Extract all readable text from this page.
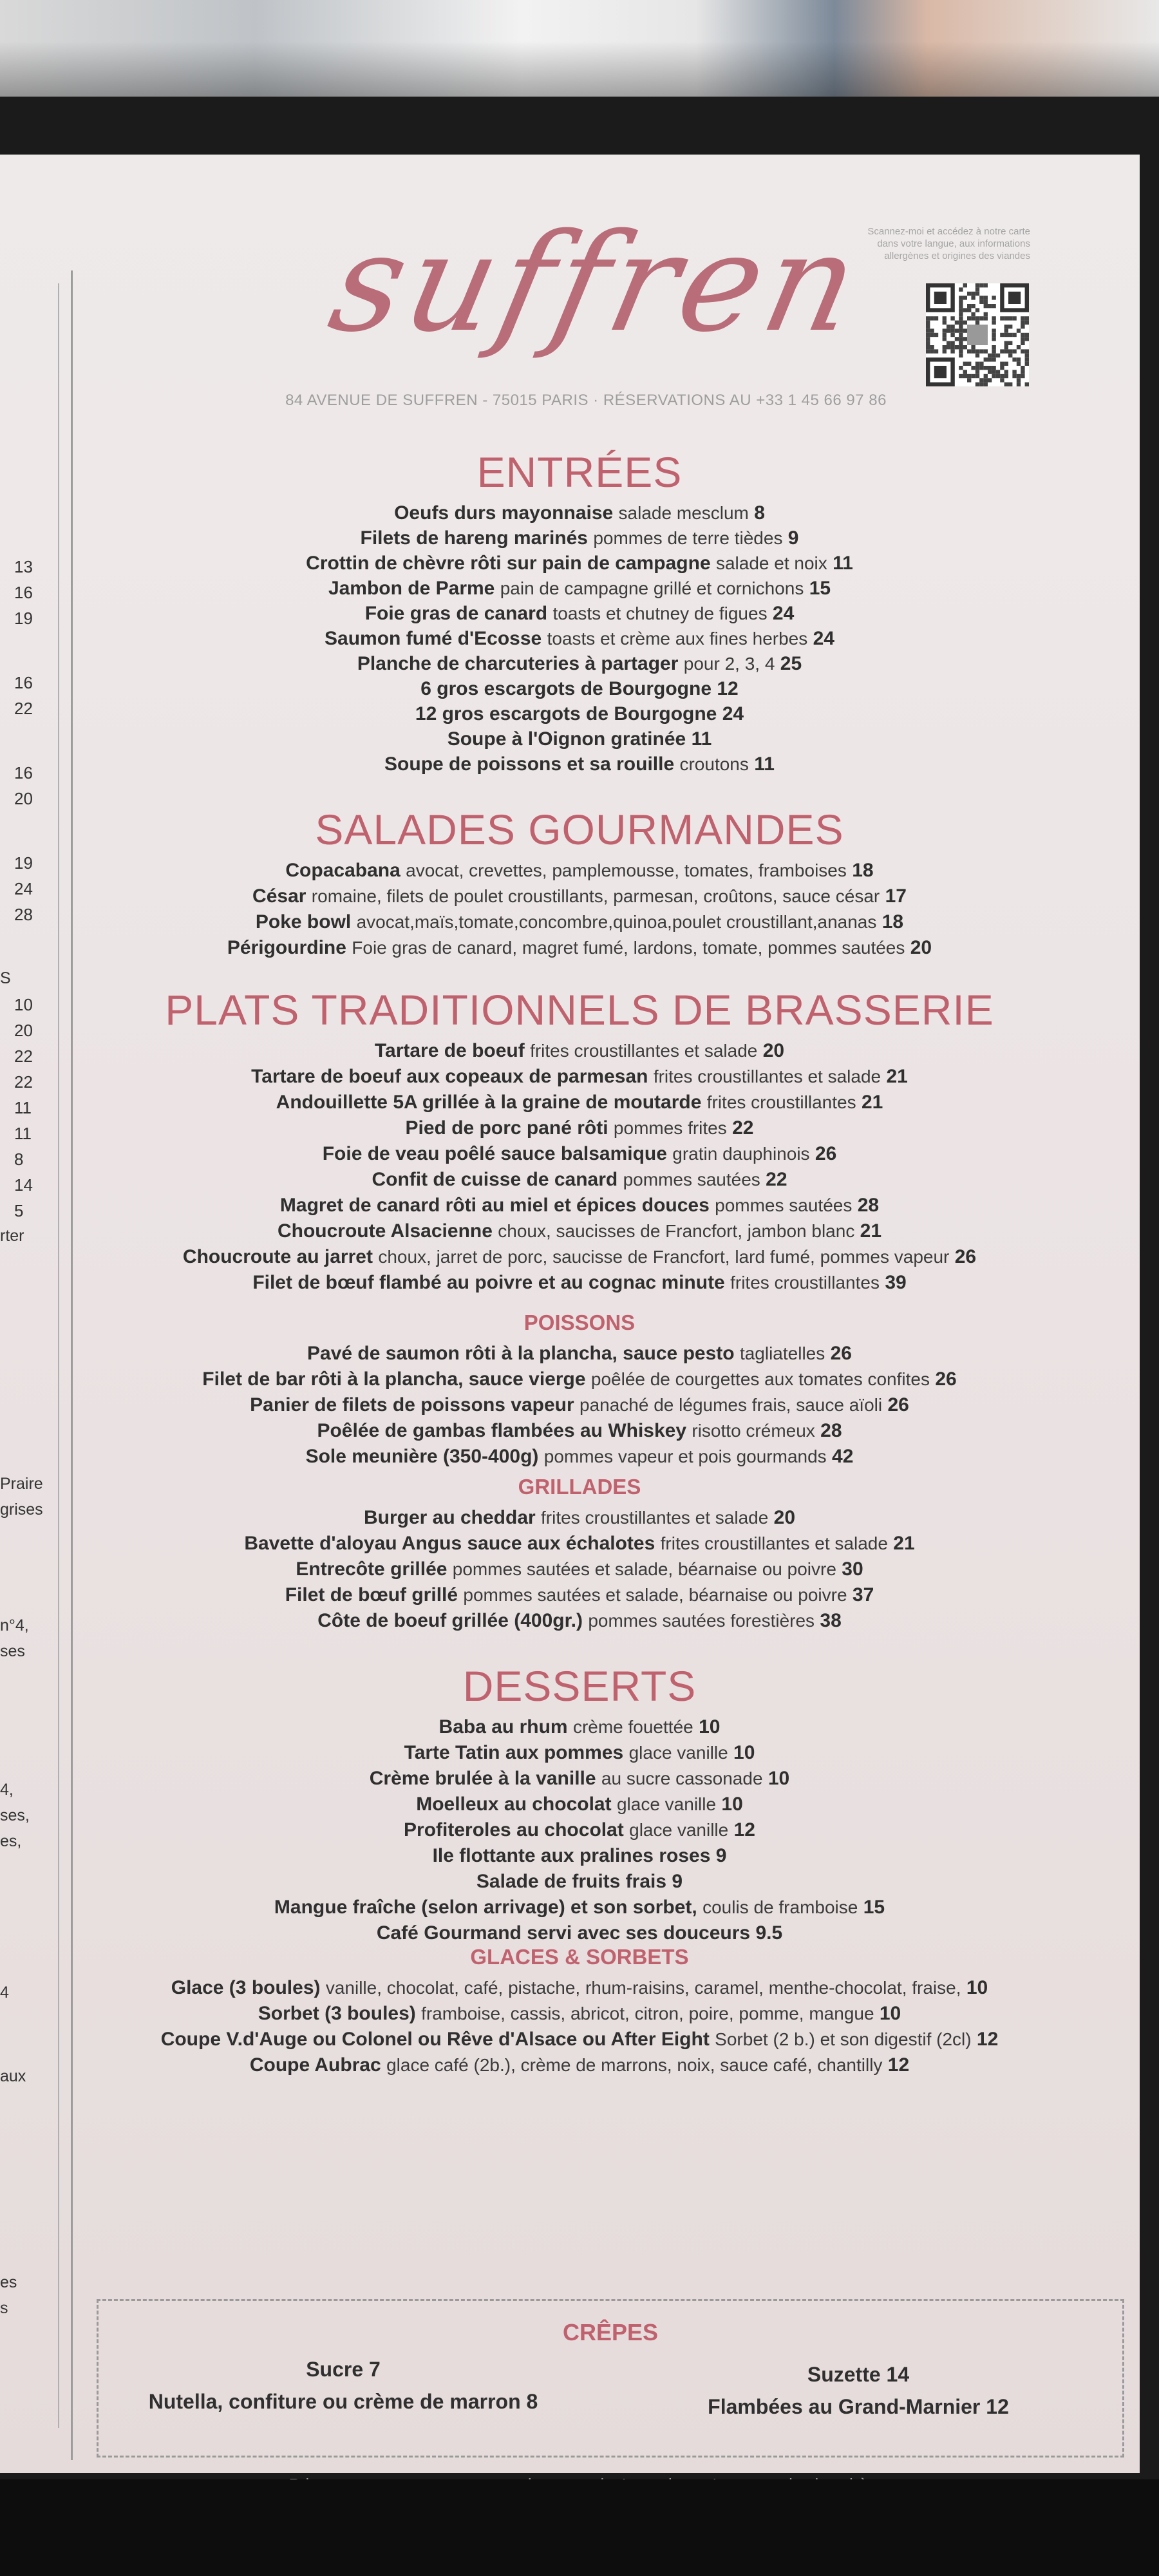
13
16
19
16
22
16
20
19
24
28
10
20
22
22
11
11
8
14
5
S
rter
Praire
grises
n°4,
ses
4,
ses,
es,
4
aux
es
s
suffren
Scannez-moi et accédez à notre carte dans votre langue, aux informations allergènes et origines des viandes
84 AVENUE DE SUFFREN - 75015 PARIS · RÉSERVATIONS AU +33 1 45 66 97 86
ENTRÉES
Oeufs durs mayonnaise salade mesclum 8
Filets de hareng marinés pommes de terre tièdes 9
Crottin de chèvre rôti sur pain de campagne salade et noix 11
Jambon de Parme pain de campagne grillé et cornichons 15
Foie gras de canard toasts et chutney de figues 24
Saumon fumé d'Ecosse toasts et crème aux fines herbes 24
Planche de charcuteries à partager pour 2, 3, 4 25
6 gros escargots de Bourgogne 12
12 gros escargots de Bourgogne 24
Soupe à l'Oignon gratinée 11
Soupe de poissons et sa rouille croutons 11
SALADES GOURMANDES
Copacabana avocat, crevettes, pamplemousse, tomates, framboises 18
César romaine, filets de poulet croustillants, parmesan, croûtons, sauce césar 17
Poke bowl avocat,maïs,tomate,concombre,quinoa,poulet croustillant,ananas 18
Périgourdine Foie gras de canard, magret fumé, lardons, tomate, pommes sautées 20
PLATS TRADITIONNELS DE BRASSERIE
Tartare de boeuf frites croustillantes et salade 20
Tartare de boeuf aux copeaux de parmesan frites croustillantes et salade 21
Andouillette 5A grillée à la graine de moutarde frites croustillantes 21
Pied de porc pané rôti pommes frites 22
Foie de veau poêlé sauce balsamique gratin dauphinois 26
Confit de cuisse de canard pommes sautées 22
Magret de canard rôti au miel et épices douces pommes sautées 28
Choucroute Alsacienne choux, saucisses de Francfort, jambon blanc 21
Choucroute au jarret choux, jarret de porc, saucisse de Francfort, lard fumé, pommes vapeur 26
Filet de bœuf flambé au poivre et au cognac minute frites croustillantes 39
POISSONS
Pavé de saumon rôti à la plancha, sauce pesto tagliatelles 26
Filet de bar rôti à la plancha, sauce vierge poêlée de courgettes aux tomates confites 26
Panier de filets de poissons vapeur panaché de légumes frais, sauce aïoli 26
Poêlée de gambas flambées au Whiskey risotto crémeux 28
Sole meunière (350-400g) pommes vapeur et pois gourmands 42
GRILLADES
Burger au cheddar frites croustillantes et salade 20
Bavette d'aloyau Angus sauce aux échalotes frites croustillantes et salade 21
Entrecôte grillée pommes sautées et salade, béarnaise ou poivre 30
Filet de bœuf grillé pommes sautées et salade, béarnaise ou poivre 37
Côte de boeuf grillée (400gr.) pommes sautées forestières 38
DESSERTS
Baba au rhum crème fouettée 10
Tarte Tatin aux pommes glace vanille 10
Crème brulée à la vanille au sucre cassonade 10
Moelleux au chocolat glace vanille 10
Profiteroles au chocolat glace vanille 12
Ile flottante aux pralines roses 9
Salade de fruits frais 9
Mangue fraîche (selon arrivage) et son sorbet, coulis de framboise 15
Café Gourmand servi avec ses douceurs 9.5
GLACES & SORBETS
Glace (3 boules) vanille, chocolat, café, pistache, rhum-raisins, caramel, menthe-chocolat, fraise, 10
Sorbet (3 boules) framboise, cassis, abricot, citron, poire, pomme, mangue 10
Coupe V.d'Auge ou Colonel ou Rêve d'Alsace ou After Eight Sorbet (2 b.) et son digestif (2cl) 12
Coupe Aubrac glace café (2b.), crème de marrons, noix, sauce café, chantilly 12
CRÊPES
Sucre 7
Nutella, confiture ou crème de marron 8
Suzette 14
Flambées au Grand-Marnier 12
